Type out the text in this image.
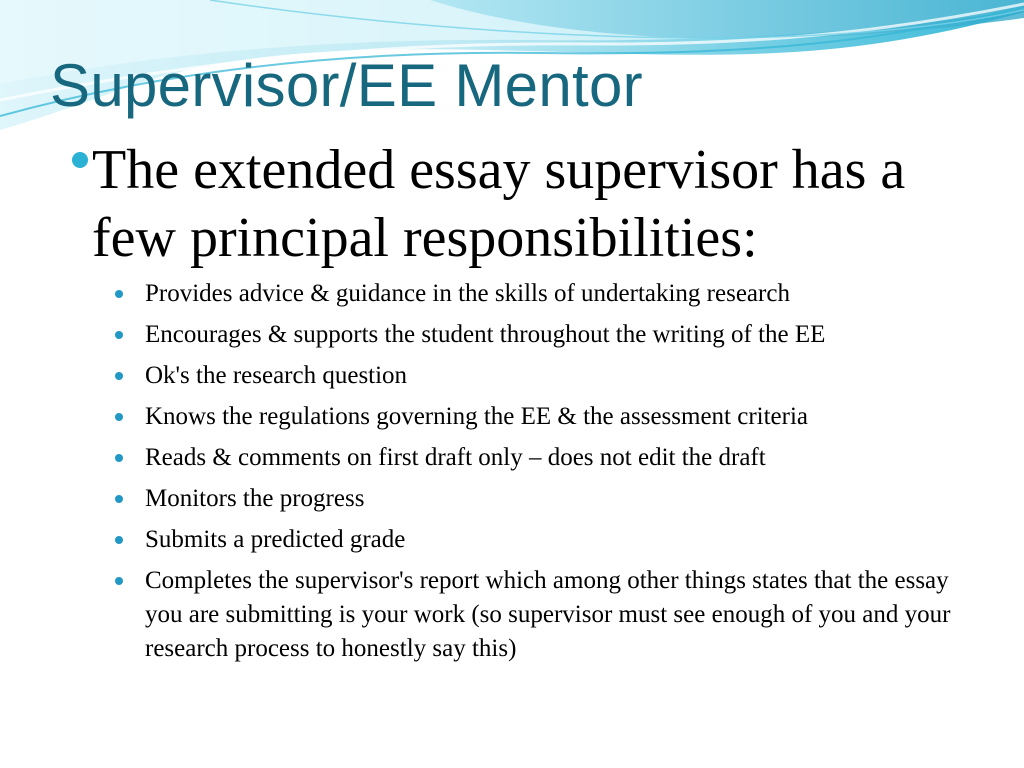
Supervisor/EE Mentor

The extended essay supervisor has a few principal responsibilities:

Provides advice & guidance in the skills of undertaking research
Encourages & supports the student throughout the writing of the EE
Ok's the research question
Knows the regulations governing the EE & the assessment criteria
Reads & comments on first draft only – does not edit the draft
Monitors the progress
Submits a predicted grade
Completes the supervisor's report which among other things states that the essay you are submitting is your work (so supervisor must see enough of you and your research process to honestly say this)
